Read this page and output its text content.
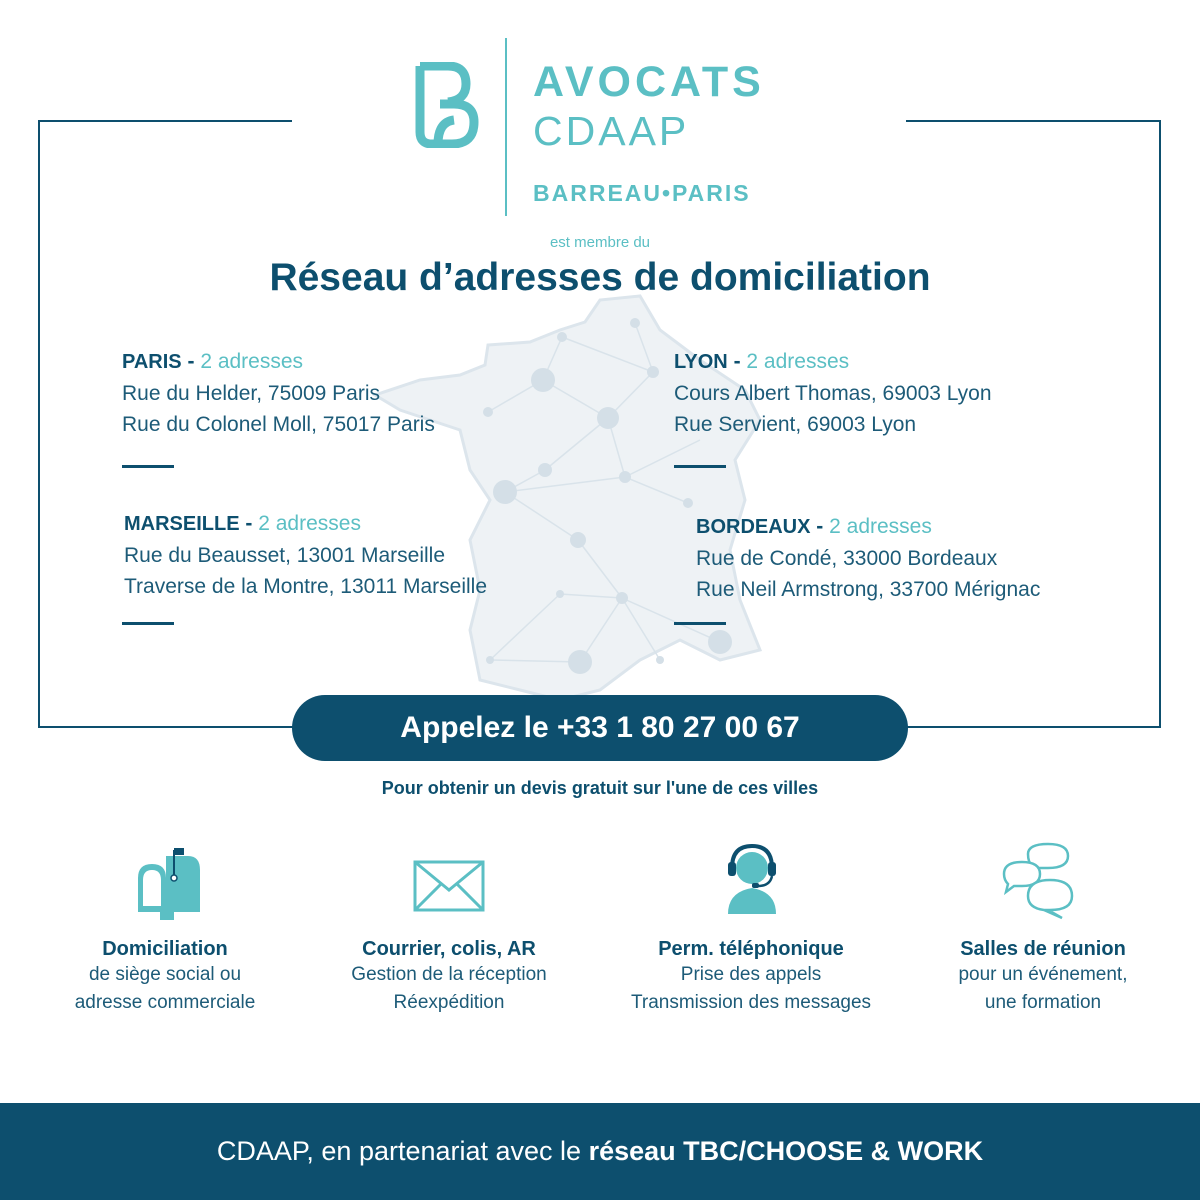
AVOCATS
CDAAP
BARREAU•PARIS
est membre du
Réseau d’adresses de domiciliation
PARIS - 2 adresses
Rue du Helder, 75009 Paris
Rue du Colonel Moll, 75017 Paris
LYON - 2 adresses
Cours Albert Thomas, 69003 Lyon
Rue Servient, 69003 Lyon
MARSEILLE - 2 adresses
Rue du Beausset, 13001 Marseille
Traverse de la Montre, 13011 Marseille
BORDEAUX - 2 adresses
Rue de Condé, 33000 Bordeaux
Rue Neil Armstrong, 33700 Mérignac
Appelez le +33 1 80 27 00 67
Pour obtenir un devis gratuit sur l'une de ces villes
Domiciliation
de siège social ou
adresse commerciale
Courrier, colis, AR
Gestion de la réception
Réexpédition
Perm. téléphonique
Prise des appels
Transmission des messages
Salles de réunion
pour un événement,
une formation
CDAAP, en partenariat avec le réseau TBC/CHOOSE & WORK
